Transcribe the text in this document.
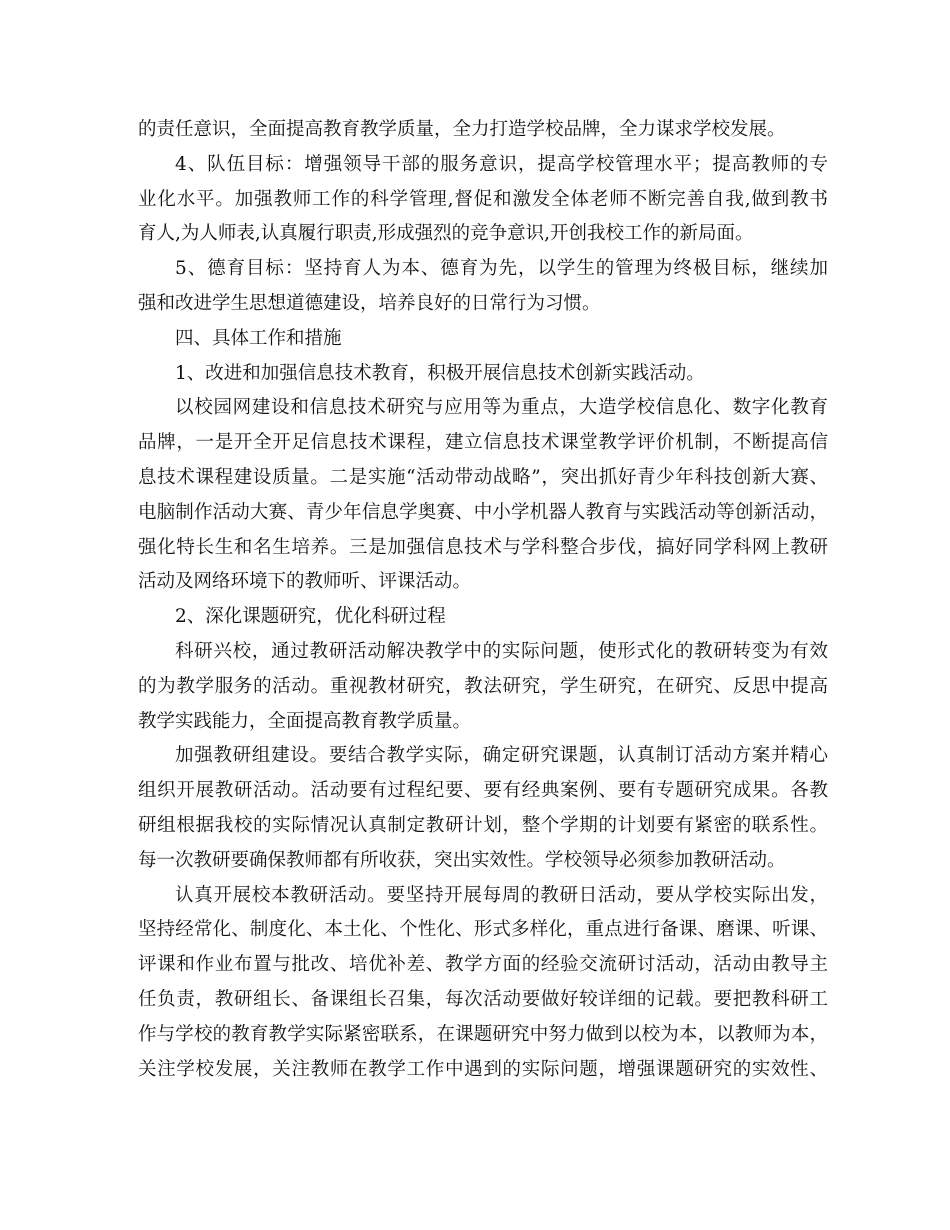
的责任意识，全面提高教育教学质量，全力打造学校品牌，全力谋求学校发展。
4、队伍目标：增强领导干部的服务意识，提高学校管理水平；提高教师的专
业化水平。加强教师工作的科学管理,督促和激发全体老师不断完善自我,做到教书
育人,为人师表,认真履行职责,形成强烈的竞争意识,开创我校工作的新局面。
5、德育目标：坚持育人为本、德育为先，以学生的管理为终极目标，继续加
强和改进学生思想道德建设，培养良好的日常行为习惯。
四、具体工作和措施
1、改进和加强信息技术教育，积极开展信息技术创新实践活动。
以校园网建设和信息技术研究与应用等为重点，大造学校信息化、数字化教育
品牌，一是开全开足信息技术课程，建立信息技术课堂教学评价机制，不断提高信
息技术课程建设质量。二是实施“活动带动战略”，突出抓好青少年科技创新大赛、
电脑制作活动大赛、青少年信息学奥赛、中小学机器人教育与实践活动等创新活动，
强化特长生和名生培养。三是加强信息技术与学科整合步伐，搞好同学科网上教研
活动及网络环境下的教师听、评课活动。
2、深化课题研究，优化科研过程
科研兴校，通过教研活动解决教学中的实际问题，使形式化的教研转变为有效
的为教学服务的活动。重视教材研究，教法研究，学生研究，在研究、反思中提高
教学实践能力，全面提高教育教学质量。
加强教研组建设。要结合教学实际，确定研究课题，认真制订活动方案并精心
组织开展教研活动。活动要有过程纪要、要有经典案例、要有专题研究成果。各教
研组根据我校的实际情况认真制定教研计划，整个学期的计划要有紧密的联系性。
每一次教研要确保教师都有所收获，突出实效性。学校领导必须参加教研活动。
认真开展校本教研活动。要坚持开展每周的教研日活动，要从学校实际出发，
坚持经常化、制度化、本土化、个性化、形式多样化，重点进行备课、磨课、听课、
评课和作业布置与批改、培优补差、教学方面的经验交流研讨活动，活动由教导主
任负责，教研组长、备课组长召集，每次活动要做好较详细的记载。要把教科研工
作与学校的教育教学实际紧密联系，在课题研究中努力做到以校为本，以教师为本，
关注学校发展，关注教师在教学工作中遇到的实际问题，增强课题研究的实效性、
